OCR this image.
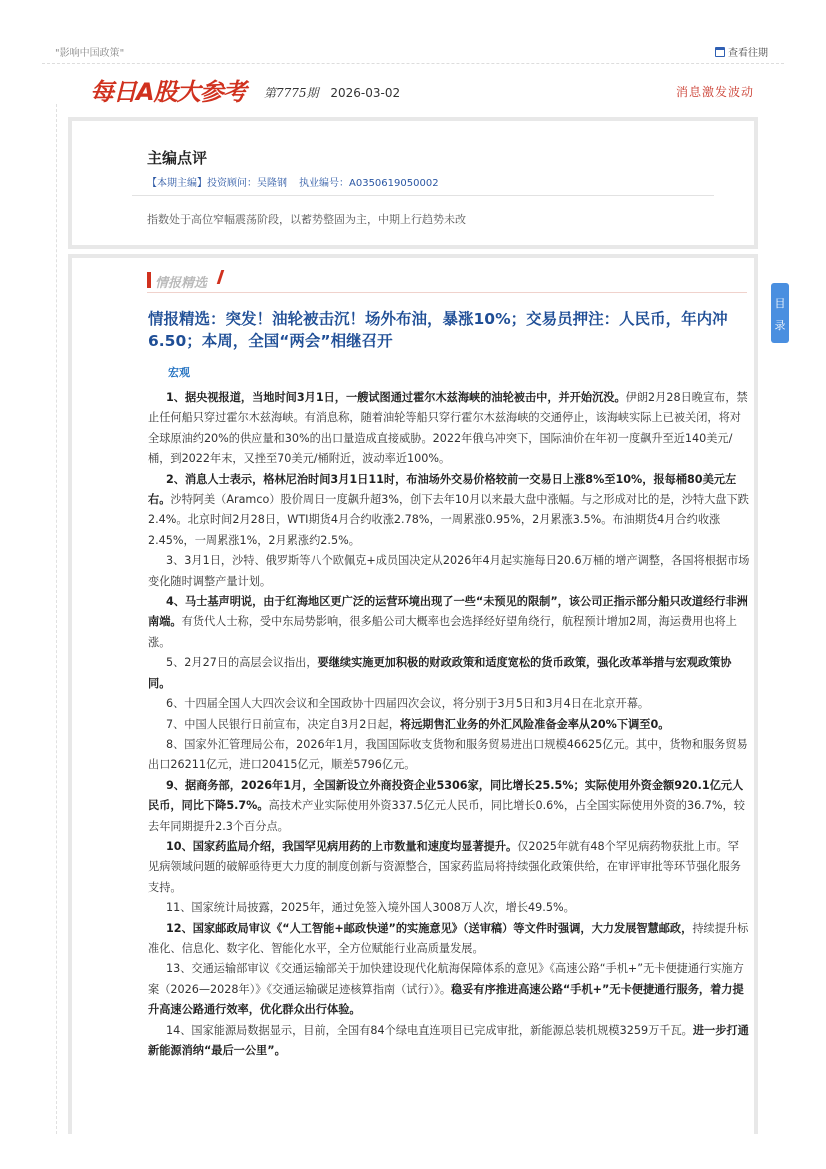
"影响中国政策"	查看往期
每日A股大参考 第7775期 2026-03-02	消息激发波动
主编点评
【本期主编】投资顾问：吴隆钢 执业编号：A0350619050002
指数处于高位窄幅震荡阶段，以蓄势整固为主，中期上行趋势未改
情报精选
情报精选：突发！油轮被击沉！场外布油，暴涨10%；交易员押注：人民币，年内冲6.50；本周，全国“两会”相继召开
宏观

1、据央视报道，当地时间3月1日，一艘试图通过霍尔木兹海峡的油轮被击中，并开始沉没。伊朗2月28日晚宣布，禁止任何船只穿过霍尔木兹海峡。有消息称，随着油轮等船只穿行霍尔木兹海峡的交通停止，该海峡实际上已被关闭，将对全球原油约20%的供应量和30%的出口量造成直接威胁。2022年俄乌冲突下，国际油价在年初一度飙升至近140美元/桶，到2022年末，又挫至70美元/桶附近，波动率近100%。

2、消息人士表示，格林尼治时间3月1日11时，布油场外交易价格较前一交易日上涨8%至10%，报每桶80美元左右。沙特阿美（Aramco）股价周日一度飙升超3%，创下去年10月以来最大盘中涨幅。与之形成对比的是，沙特大盘下跌2.4%。北京时间2月28日，WTI期货4月合约收涨2.78%，一周累涨0.95%，2月累涨3.5%。布油期货4月合约收涨2.45%，一周累涨1%，2月累涨约2.5%。

3、3月1日，沙特、俄罗斯等八个欧佩克+成员国决定从2026年4月起实施每日20.6万桶的增产调整，各国将根据市场变化随时调整产量计划。

4、马士基声明说，由于红海地区更广泛的运营环境出现了一些“未预见的限制”，该公司正指示部分船只改道经行非洲南端。有货代人士称，受中东局势影响，很多船公司大概率也会选择经好望角绕行，航程预计增加2周，海运费用也将上涨。

5、2月27日的高层会议指出，要继续实施更加积极的财政政策和适度宽松的货币政策，强化改革举措与宏观政策协同。

6、十四届全国人大四次会议和全国政协十四届四次会议，将分别于3月5日和3月4日在北京开幕。

7、中国人民银行日前宣布，决定自3月2日起，将远期售汇业务的外汇风险准备金率从20%下调至0。

8、国家外汇管理局公布，2026年1月，我国国际收支货物和服务贸易进出口规模46625亿元。其中，货物和服务贸易出口26211亿元，进口20415亿元，顺差5796亿元。

9、据商务部，2026年1月，全国新设立外商投资企业5306家，同比增长25.5%；实际使用外资金额920.1亿元人民币，同比下降5.7%。高技术产业实际使用外资337.5亿元人民币，同比增长0.6%，占全国实际使用外资的36.7%，较去年同期提升2.3个百分点。

10、国家药监局介绍，我国罕见病用药的上市数量和速度均显著提升。仅2025年就有48个罕见病药物获批上市。罕见病领域问题的破解亟待更大力度的制度创新与资源整合，国家药监局将持续强化政策供给，在审评审批等环节强化服务支持。

11、国家统计局披露，2025年，通过免签入境外国人3008万人次，增长49.5%。

12、国家邮政局审议《“人工智能+邮政快递”的实施意见》（送审稿）等文件时强调，大力发展智慧邮政，持续提升标准化、信息化、数字化、智能化水平，全方位赋能行业高质量发展。

13、交通运输部审议《交通运输部关于加快建设现代化航海保障体系的意见》《高速公路“手机+”无卡便捷通行实施方案（2026—2028年）》《交通运输碳足迹核算指南（试行）》。稳妥有序推进高速公路“手机+”无卡便捷通行服务，着力提升高速公路通行效率，优化群众出行体验。

14、国家能源局数据显示，目前，全国有84个绿电直连项目已完成审批，新能源总装机规模3259万千瓦。进一步打通新能源消纳“最后一公里”。

目录
